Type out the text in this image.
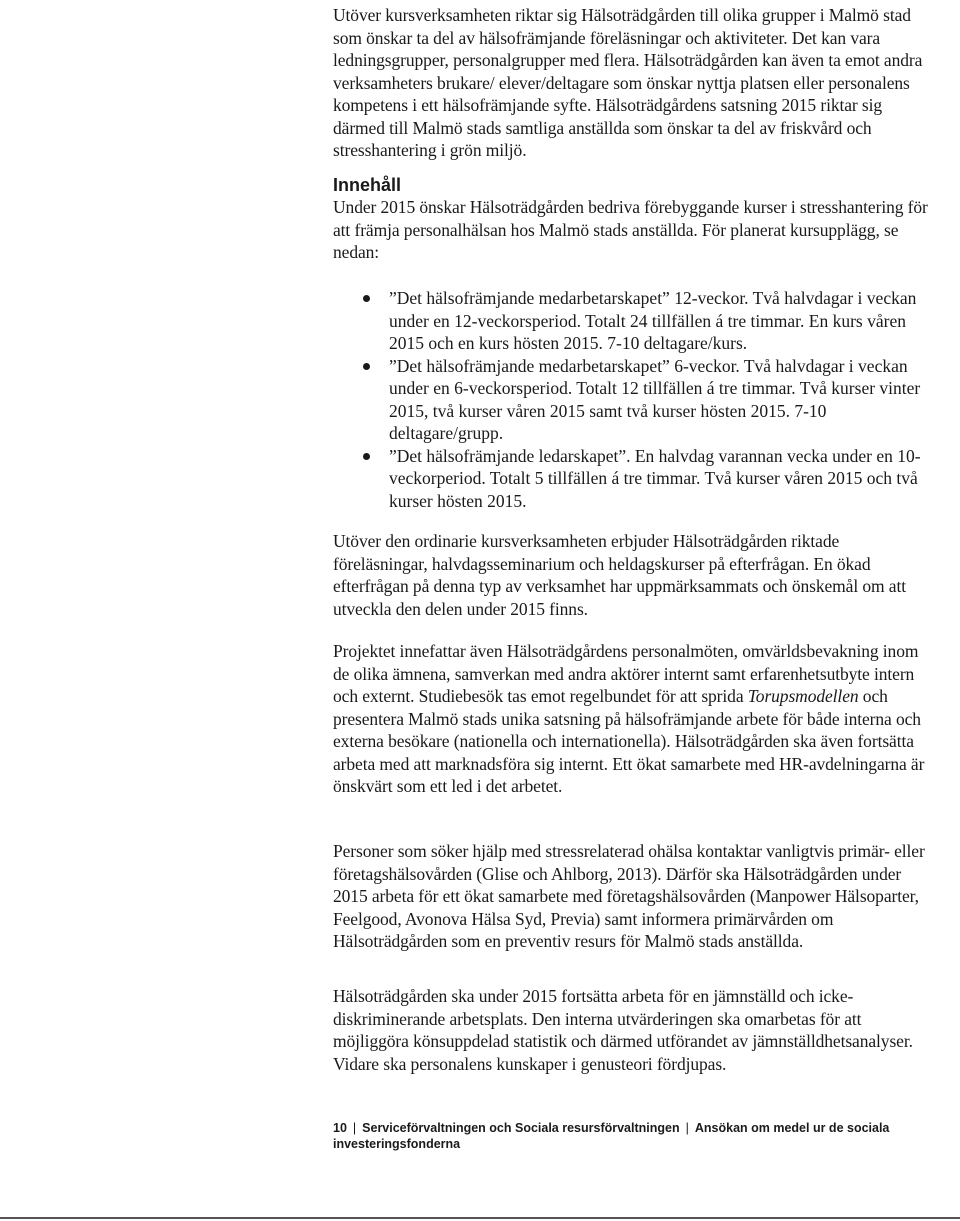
Utöver kursverksamheten riktar sig Hälsoträdgården till olika grupper i Malmö stad som önskar ta del av hälsofrämjande föreläsningar och aktiviteter. Det kan vara ledningsgrupper, personalgrupper med flera. Hälsoträdgården kan även ta emot andra verksamheters brukare/ elever/deltagare som önskar nyttja platsen eller personalens kompetens i ett hälsofrämjande syfte. Hälsoträdgårdens satsning 2015 riktar sig därmed till Malmö stads samtliga anställda som önskar ta del av friskvård och stresshantering i grön miljö.

Innehåll

Under 2015 önskar Hälsoträdgården bedriva förebyggande kurser i stresshantering för att främja personalhälsan hos Malmö stads anställda. För planerat kursupplägg, se nedan:

”Det hälsofrämjande medarbetarskapet” 12-veckor. Två halvdagar i veckan under en 12-veckorsperiod. Totalt 24 tillfällen á tre timmar. En kurs våren 2015 och en kurs hösten 2015. 7-10 deltagare/kurs.
”Det hälsofrämjande medarbetarskapet” 6-veckor. Två halvdagar i veckan under en 6-veckorsperiod. Totalt 12 tillfällen á tre timmar. Två kurser vinter 2015, två kurser våren 2015 samt två kurser hösten 2015. 7-10 deltagare/grupp.
”Det hälsofrämjande ledarskapet”. En halvdag varannan vecka under en 10-veckorperiod. Totalt 5 tillfällen á tre timmar. Två kurser våren 2015 och två kurser hösten 2015.

Utöver den ordinarie kursverksamheten erbjuder Hälsoträdgården riktade föreläsningar, halvdagsseminarium och heldagskurser på efterfrågan. En ökad efterfrågan på denna typ av verksamhet har uppmärksammats och önskemål om att utveckla den delen under 2015 finns.

Projektet innefattar även Hälsoträdgårdens personalmöten, omvärldsbevakning inom de olika ämnena, samverkan med andra aktörer internt samt erfarenhetsutbyte intern och externt. Studiebesök tas emot regelbundet för att sprida Torupsmodellen och presentera Malmö stads unika satsning på hälsofrämjande arbete för både interna och externa besökare (nationella och internationella). Hälsoträdgården ska även fortsätta arbeta med att marknadsföra sig internt. Ett ökat samarbete med HR-avdelningarna är önskvärt som ett led i det arbetet.

Personer som söker hjälp med stressrelaterad ohälsa kontaktar vanligtvis primär- eller företagshälsovården (Glise och Ahlborg, 2013). Därför ska Hälsoträdgården under 2015 arbeta för ett ökat samarbete med företagshälsovården (Manpower Hälsoparter, Feelgood, Avonova Hälsa Syd, Previa) samt informera primärvården om Hälsoträdgården som en preventiv resurs för Malmö stads anställda.

Hälsoträdgården ska under 2015 fortsätta arbeta för en jämnställd och icke-diskriminerande arbetsplats. Den interna utvärderingen ska omarbetas för att möjliggöra könsuppdelad statistik och därmed utförandet av jämnställdhetsanalyser. Vidare ska personalens kunskaper i genusteori fördjupas.

10 | Serviceförvaltningen och Sociala resursförvaltningen | Ansökan om medel ur de sociala investeringsfonderna
